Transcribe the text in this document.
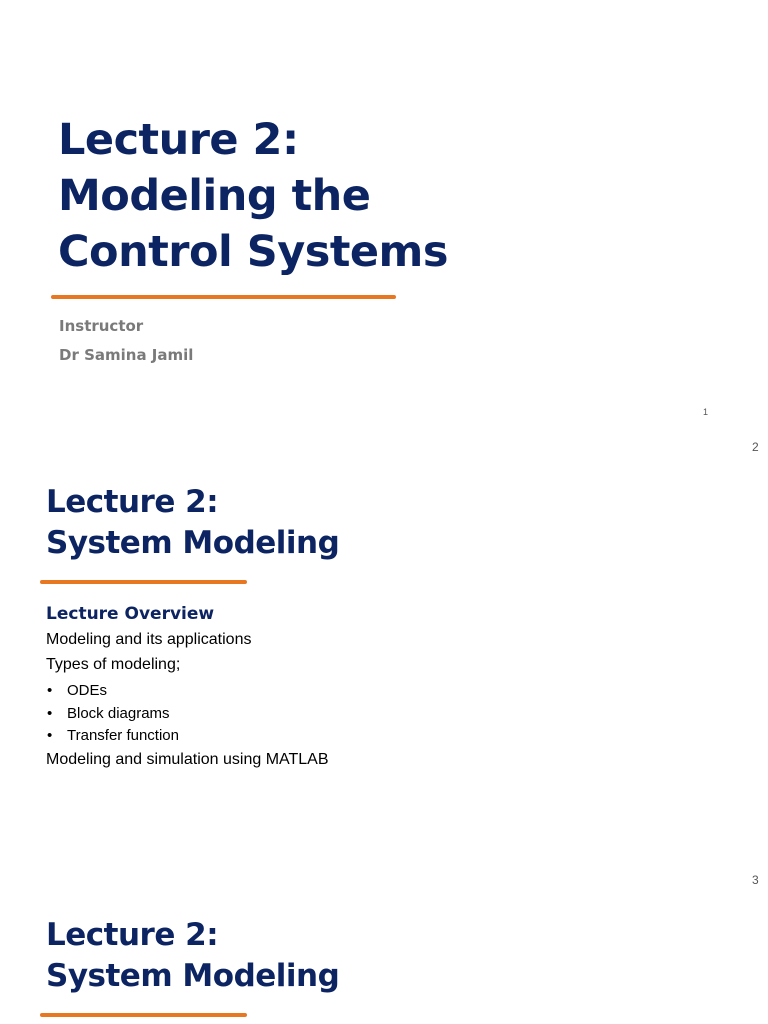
Lecture 2:
Modeling the
Control Systems
Instructor
Dr Samina Jamil
1
2
Lecture 2:
System Modeling
Lecture Overview
Modeling and its applications
Types of modeling;
• ODEs
• Block diagrams
• Transfer function
Modeling and simulation using MATLAB
3
Lecture 2:
System Modeling
